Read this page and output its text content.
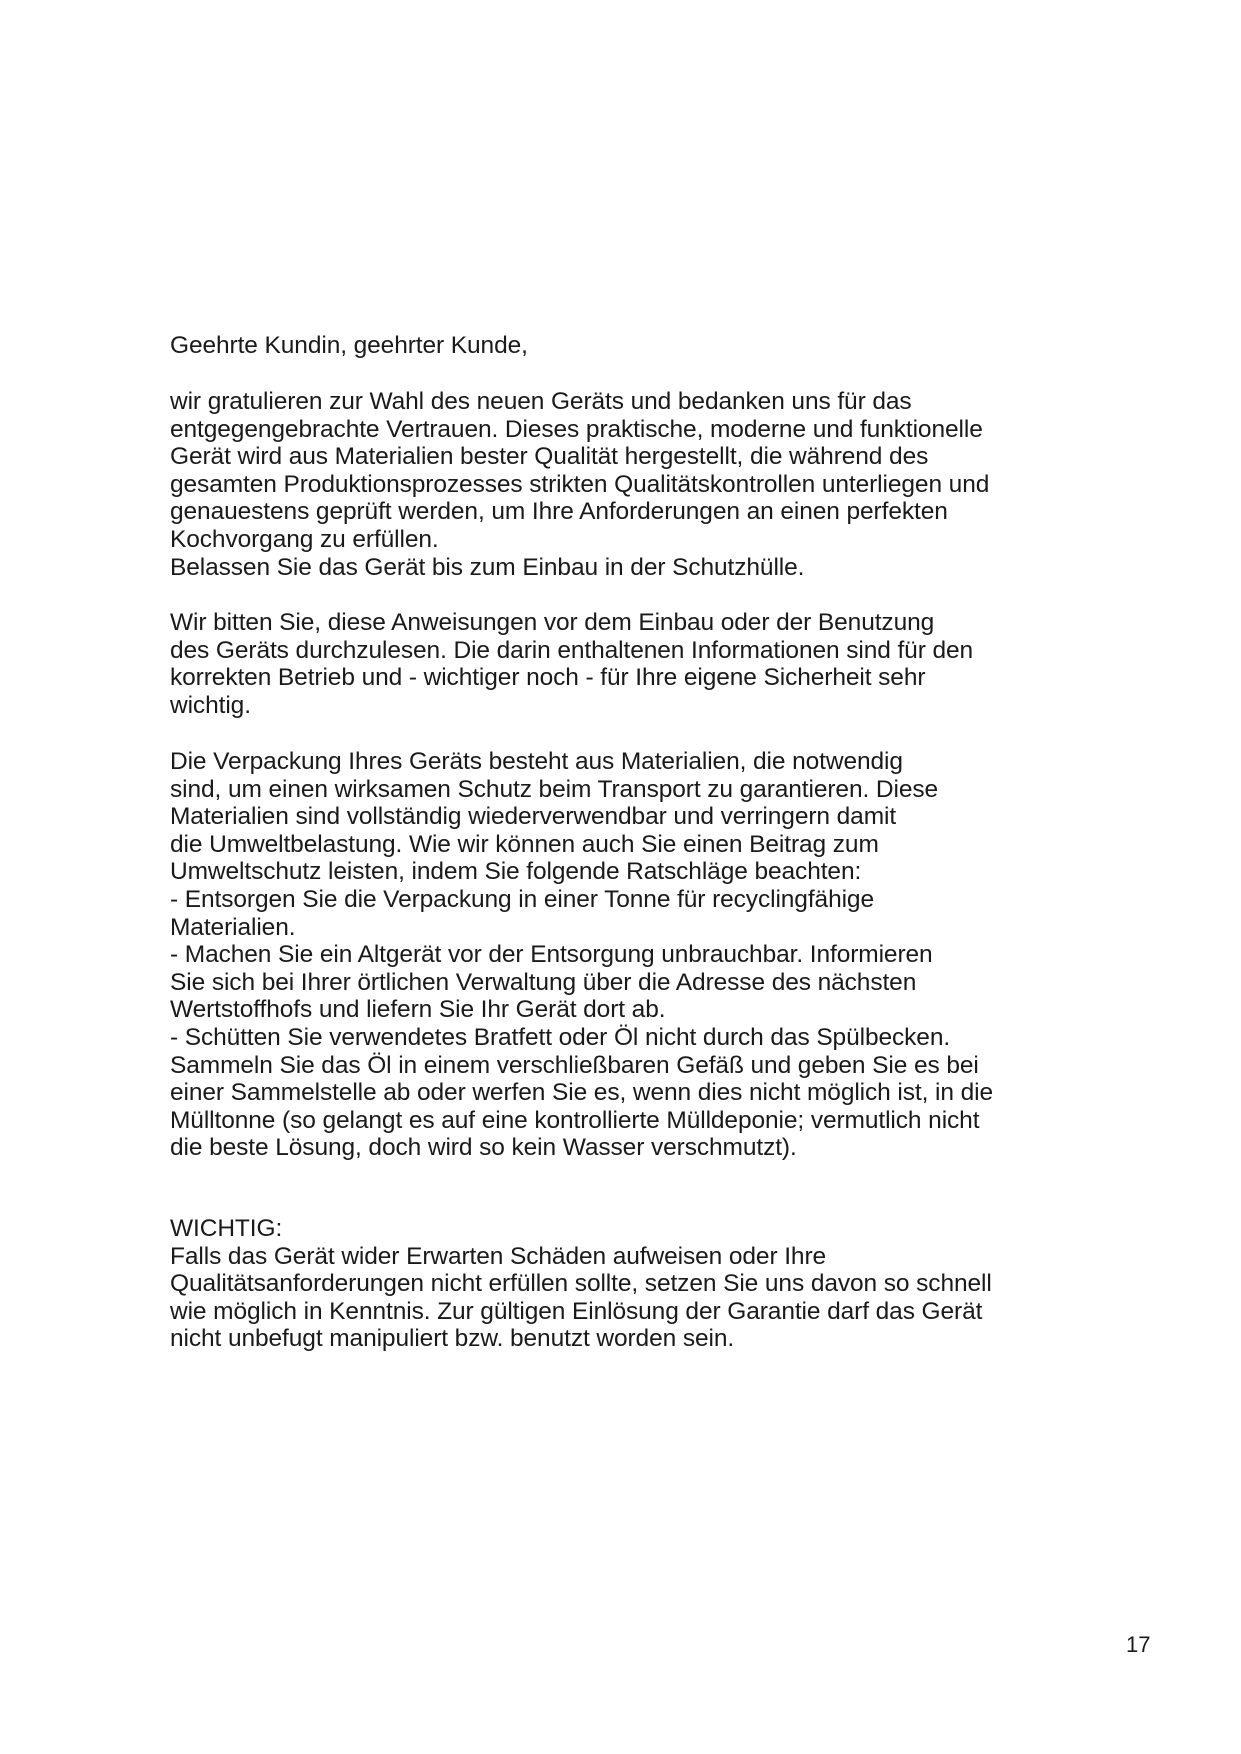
Geehrte Kundin, geehrter Kunde,
wir gratulieren zur Wahl des neuen Geräts und bedanken uns für das
entgegengebrachte Vertrauen. Dieses praktische, moderne und funktionelle
Gerät wird aus Materialien bester Qualität hergestellt, die während des
gesamten Produktionsprozesses strikten Qualitätskontrollen unterliegen und
genauestens geprüft werden, um Ihre Anforderungen an einen perfekten
Kochvorgang zu erfüllen.
Belassen Sie das Gerät bis zum Einbau in der Schutzhülle.
Wir bitten Sie, diese Anweisungen vor dem Einbau oder der Benutzung
des Geräts durchzulesen. Die darin enthaltenen Informationen sind für den
korrekten Betrieb und - wichtiger noch - für Ihre eigene Sicherheit sehr
wichtig.
Die Verpackung Ihres Geräts besteht aus Materialien, die notwendig
sind, um einen wirksamen Schutz beim Transport zu garantieren. Diese
Materialien sind vollständig wiederverwendbar und verringern damit
die Umweltbelastung. Wie wir können auch Sie einen Beitrag zum
Umweltschutz leisten, indem Sie folgende Ratschläge beachten:
- Entsorgen Sie die Verpackung in einer Tonne für recyclingfähige
Materialien.
- Machen Sie ein Altgerät vor der Entsorgung unbrauchbar. Informieren
Sie sich bei Ihrer örtlichen Verwaltung über die Adresse des nächsten
Wertstoffhofs und liefern Sie Ihr Gerät dort ab.
- Schütten Sie verwendetes Bratfett oder Öl nicht durch das Spülbecken.
Sammeln Sie das Öl in einem verschließbaren Gefäß und geben Sie es bei
einer Sammelstelle ab oder werfen Sie es, wenn dies nicht möglich ist, in die
Mülltonne (so gelangt es auf eine kontrollierte Mülldeponie; vermutlich nicht
die beste Lösung, doch wird so kein Wasser verschmutzt).
WICHTIG:
Falls das Gerät wider Erwarten Schäden aufweisen oder Ihre
Qualitätsanforderungen nicht erfüllen sollte, setzen Sie uns davon so schnell
wie möglich in Kenntnis. Zur gültigen Einlösung der Garantie darf das Gerät
nicht unbefugt manipuliert bzw. benutzt worden sein.
17
